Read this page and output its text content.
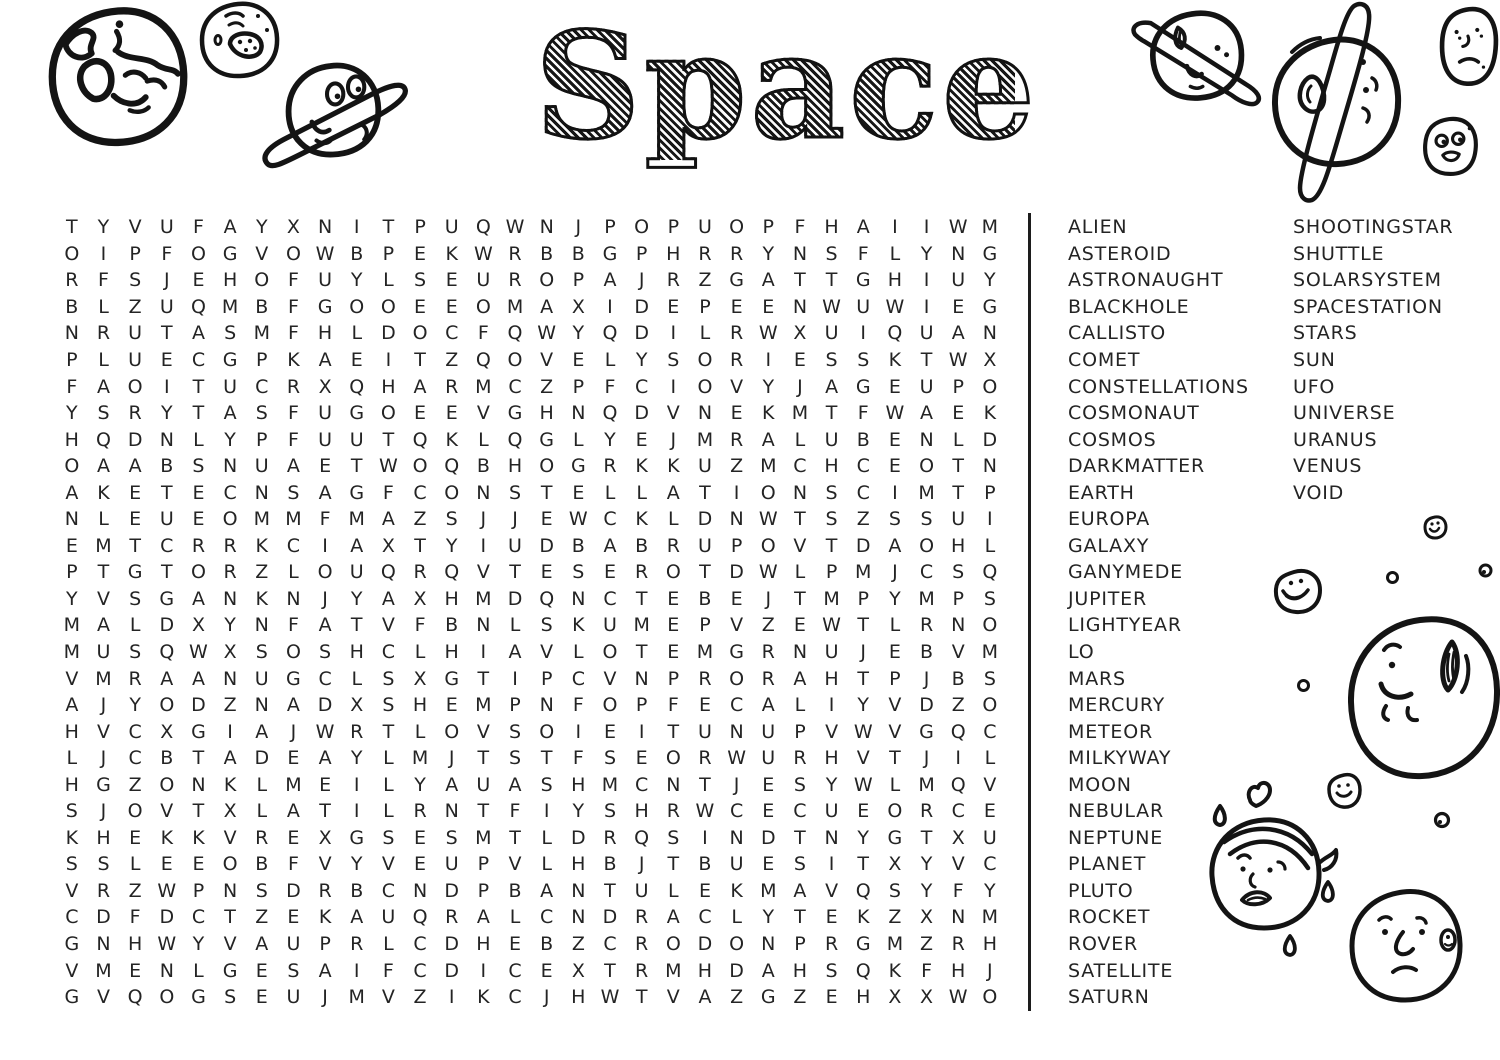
Space
T	Y	V U	F	A	Y	X N	I	T	P U Q W N	J	P O P U O P	F	H A	I	I	W M
O	I	P	F O G V O W B	P	E	K W R B B G P H R R	Y N S	F	L	Y N G
R	F	S	J	E H O F	U Y	L	S	E U R O P	A	J	R Z G A	T	T G H	I	U Y
B	L	Z U Q M B	F G O O E	E O M A X	I	D E	P	E	E N W U W	I	E G
N R U T	A	S M F	H	L	D O C	F Q W Y Q D	I	L	R W X U	I	Q U A N
P	L	U E	C G P	K A	E	I	T	Z Q O V	E	L	Y	S O R	I	E	S	S	K	T W X
F	A O	I	T U C R X Q H A R M C Z	P	F	C	I	O V	Y	J	A G E U P O
Y	S	R	Y	T	A	S	F	U G O E	E	V G H N Q D V N E	K M T	F W A	E	K
H Q D N	L	Y	P	F	U U T Q K	L Q G	L	Y	E	J	M R A	L	U B	E N	L	D
O A A B	S N U A	E	T W O Q B H O G R K	K U Z M C H C	E O T N
A K	E	T	E	C N S	A G F	C O N S	T	E	L	L	A	T	I	O N S C	I	M T	P
N	L	E U E O M M F M A Z	S	J	J	E W C K	L	D N W T	S	Z	S	S U	I
E M T	C R R K C	I	A X	T	Y	I	U D B A B R U P O V	T D A O H	L
P	T G T O R Z	L O U Q R Q V	T	E	S	E	R O T D W L	P M	J	C S Q
Y	V	S G A N K N	J	Y	A X H M D Q N C	T	E	B	E	J	T M P	Y M P	S
M A	L	D X	Y N	F	A	T	V	F	B N	L	S	K U M E	P	V Z	E W T	L	R N O
M U S Q W X	S O S H C	L	H	I	A V	L O T	E M G R N U	J	E	B V M
V M R A A N U G C	L	S	X G T	I	P	C V N P	R O R A H T	P	J	B	S
A	J	Y O D Z N A D X	S H E M P N	F O P	F	E	C A	L	I	Y	V D Z O
H V C X G	I	A	J	W R	T	L O V	S O	I	E	I	T U N U P	V W V G Q C
L	J	C B	T	A D E	A	Y	L M	J	T	S	T	F	S	E O R W U R H V	T	J	I	L
H G Z O N K	L M E	I	L	Y	A U A	S H M C N T	J	E	S	Y W L M Q V
S	J	O V	T	X	L	A	T	I	L	R N T	F	I	Y	S H R W C	E	C U E O R C	E
K H E	K	K V R	E	X G S	E	S M T	L	D R Q S	I	N D T N Y G T	X U
S	S	L	E	E O B	F	V	Y	V	E U P	V	L	H B	J	T	B U E	S	I	T	X	Y	V C
V R Z W P N S D R B C N D P	B A N T U	L	E	K M A V Q S	Y	F	Y
C D F D C	T	Z	E	K A U Q R A	L	C N D R A C	L	Y	T	E	K Z X N M
G N H W Y	V A U P	R	L	C D H E	B Z C R O D O N P	R G M Z R H
V M E N	L G E	S	A	I	F	C D	I	C	E	X	T	R M H D A H S Q K	F	H	J
G V Q O G S	E U	J	M V Z	I	K C	J	H W T	V A Z G Z	E H X X W O
ALIEN
ASTEROID
ASTRONAUGHT
BLACKHOLE
CALLISTO
COMET
CONSTELLATIONS
COSMONAUT
COSMOS
DARKMATTER
EARTH
EUROPA
GALAXY
GANYMEDE
JUPITER
LIGHTYEAR
LO
MARS
MERCURY
METEOR
MILKYWAY
MOON
NEBULAR
NEPTUNE
PLANET
PLUTO
ROCKET
ROVER
SATELLITE
SATURN
SHOOTINGSTAR
SHUTTLE
SOLARSYSTEM
SPACESTATION
STARS
SUN
UFO
UNIVERSE
URANUS
VENUS
VOID
